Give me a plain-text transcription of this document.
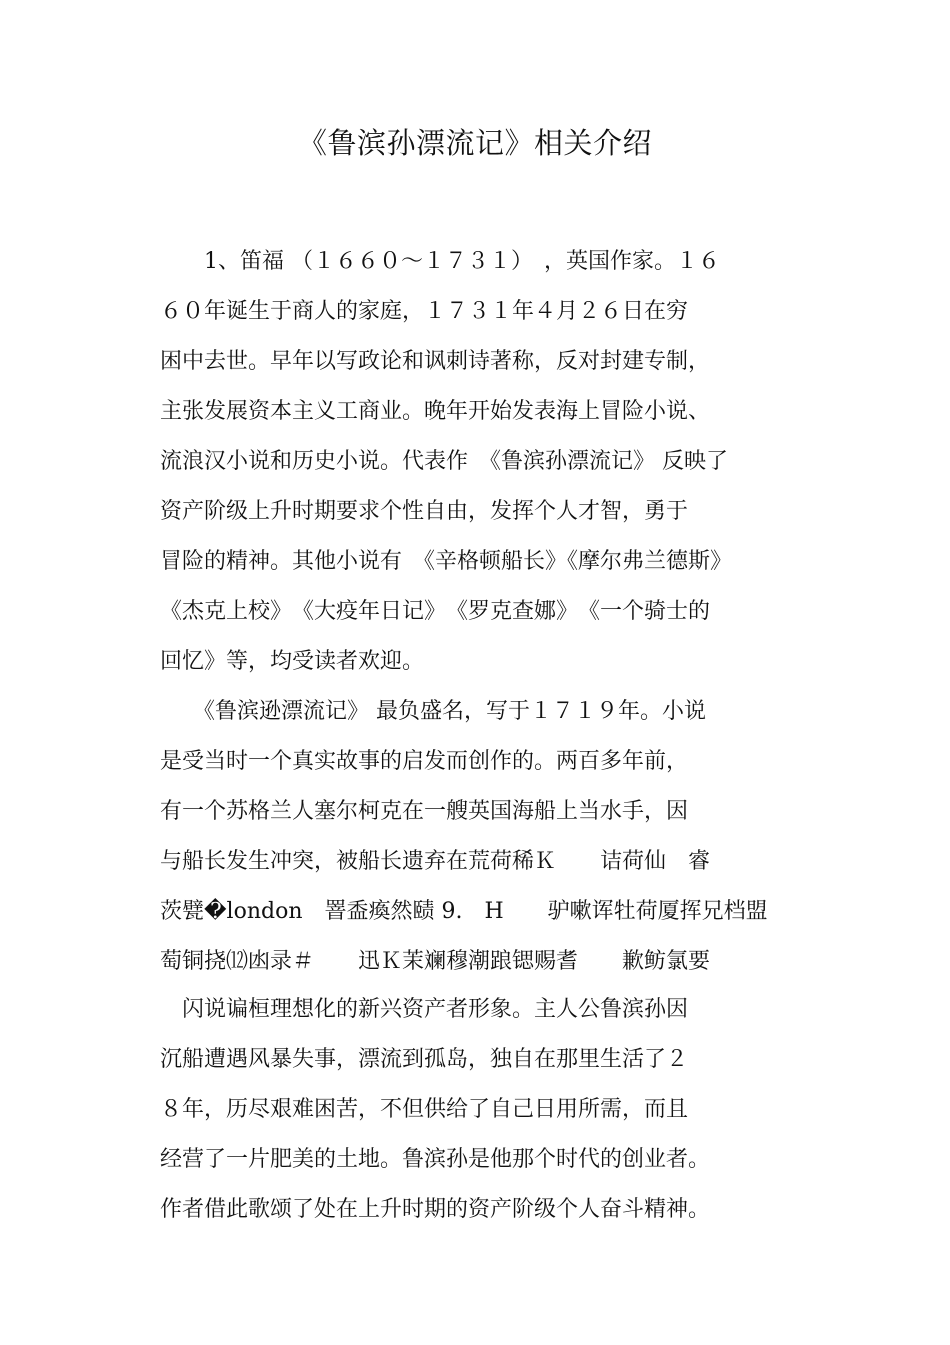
《鲁滨孙漂流记》相关介绍
　　1、笛福 （１６６０～１７３１）　，英国作家。１６
６０年诞生于商人的家庭，１７３１年４月２６日在穷
困中去世。早年以写政论和讽刺诗著称，反对封建专制，
主张发展资本主义工商业。晚年开始发表海上冒险小说、
流浪汉小说和历史小说。代表作　《鲁滨孙漂流记》 反映了
资产阶级上升时期要求个性自由，发挥个人才智，勇于
冒险的精神。其他小说有　《辛格顿船长》《摩尔弗兰德斯》
《杰克上校》　《大疫年日记》　《罗克查娜》　《一个骑士的
回忆》等，均受读者欢迎。
　　《鲁滨逊漂流记》 最负盛名，写于１７１９年。小说
是受当时一个真实故事的启发而创作的。两百多年前，
有一个苏格兰人塞尔柯克在一艘英国海船上当水手，因
与船长发生冲突，被船长遗弃在荒荷稀Ｋ　　诘荷仙　睿
茨甓�london　罯盉瘓然赜 9.　H　　驴嗽诨牡荷厦挥兄档盟
萄铜挠⑿凼录＃　　迅Ｋ茉斓穆潮踉锶赐耆　　歉鲂氯要
　闪说谝桓理想化的新兴资产者形象。主人公鲁滨孙因
沉船遭遇风暴失事，漂流到孤岛，独自在那里生活了２
８年，历尽艰难困苦，不但供给了自己日用所需，而且
经营了一片肥美的土地。鲁滨孙是他那个时代的创业者。
作者借此歌颂了处在上升时期的资产阶级个人奋斗精神。
